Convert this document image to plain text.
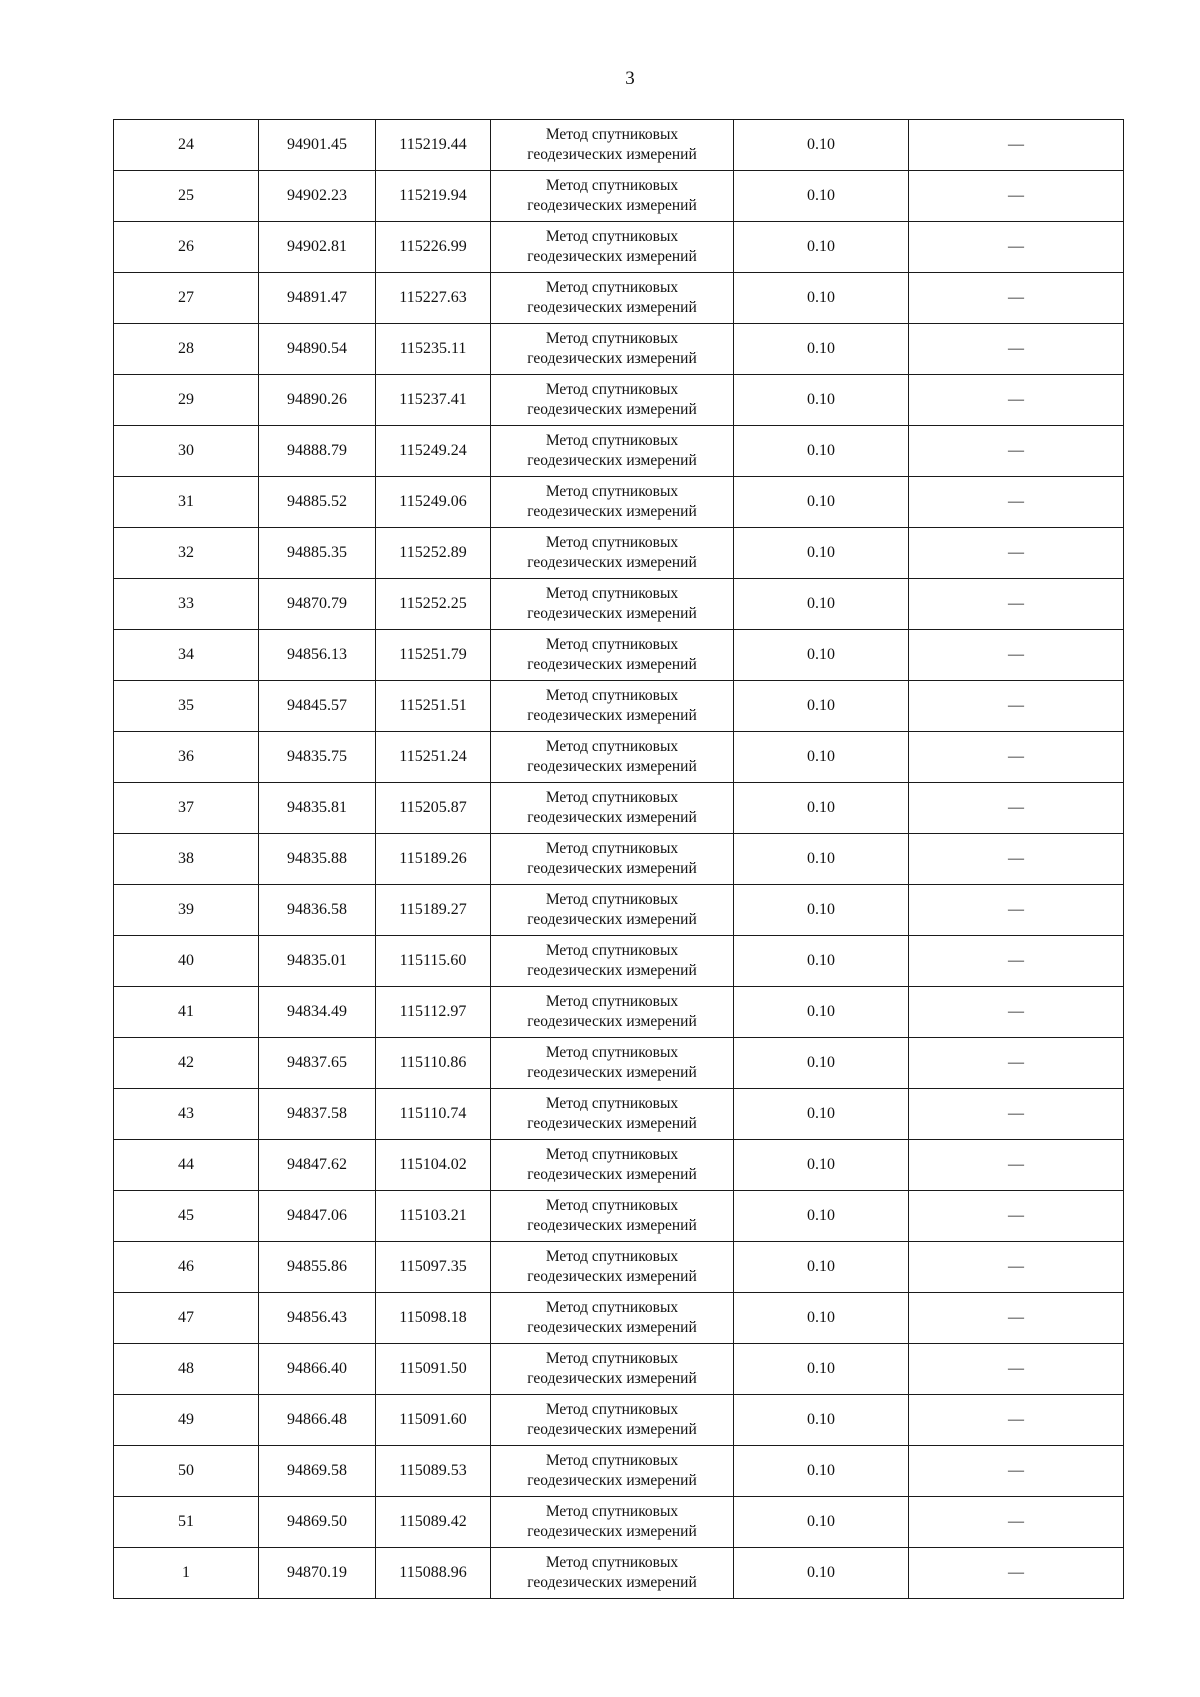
3
24	94901.45	115219.44	Метод спутниковых
геодезических измерений	0.10	—
25	94902.23	115219.94	Метод спутниковых
геодезических измерений	0.10	—
26	94902.81	115226.99	Метод спутниковых
геодезических измерений	0.10	—
27	94891.47	115227.63	Метод спутниковых
геодезических измерений	0.10	—
28	94890.54	115235.11	Метод спутниковых
геодезических измерений	0.10	—
29	94890.26	115237.41	Метод спутниковых
геодезических измерений	0.10	—
30	94888.79	115249.24	Метод спутниковых
геодезических измерений	0.10	—
31	94885.52	115249.06	Метод спутниковых
геодезических измерений	0.10	—
32	94885.35	115252.89	Метод спутниковых
геодезических измерений	0.10	—
33	94870.79	115252.25	Метод спутниковых
геодезических измерений	0.10	—
34	94856.13	115251.79	Метод спутниковых
геодезических измерений	0.10	—
35	94845.57	115251.51	Метод спутниковых
геодезических измерений	0.10	—
36	94835.75	115251.24	Метод спутниковых
геодезических измерений	0.10	—
37	94835.81	115205.87	Метод спутниковых
геодезических измерений	0.10	—
38	94835.88	115189.26	Метод спутниковых
геодезических измерений	0.10	—
39	94836.58	115189.27	Метод спутниковых
геодезических измерений	0.10	—
40	94835.01	115115.60	Метод спутниковых
геодезических измерений	0.10	—
41	94834.49	115112.97	Метод спутниковых
геодезических измерений	0.10	—
42	94837.65	115110.86	Метод спутниковых
геодезических измерений	0.10	—
43	94837.58	115110.74	Метод спутниковых
геодезических измерений	0.10	—
44	94847.62	115104.02	Метод спутниковых
геодезических измерений	0.10	—
45	94847.06	115103.21	Метод спутниковых
геодезических измерений	0.10	—
46	94855.86	115097.35	Метод спутниковых
геодезических измерений	0.10	—
47	94856.43	115098.18	Метод спутниковых
геодезических измерений	0.10	—
48	94866.40	115091.50	Метод спутниковых
геодезических измерений	0.10	—
49	94866.48	115091.60	Метод спутниковых
геодезических измерений	0.10	—
50	94869.58	115089.53	Метод спутниковых
геодезических измерений	0.10	—
51	94869.50	115089.42	Метод спутниковых
геодезических измерений	0.10	—
1	94870.19	115088.96	Метод спутниковых
геодезических измерений	0.10	—
